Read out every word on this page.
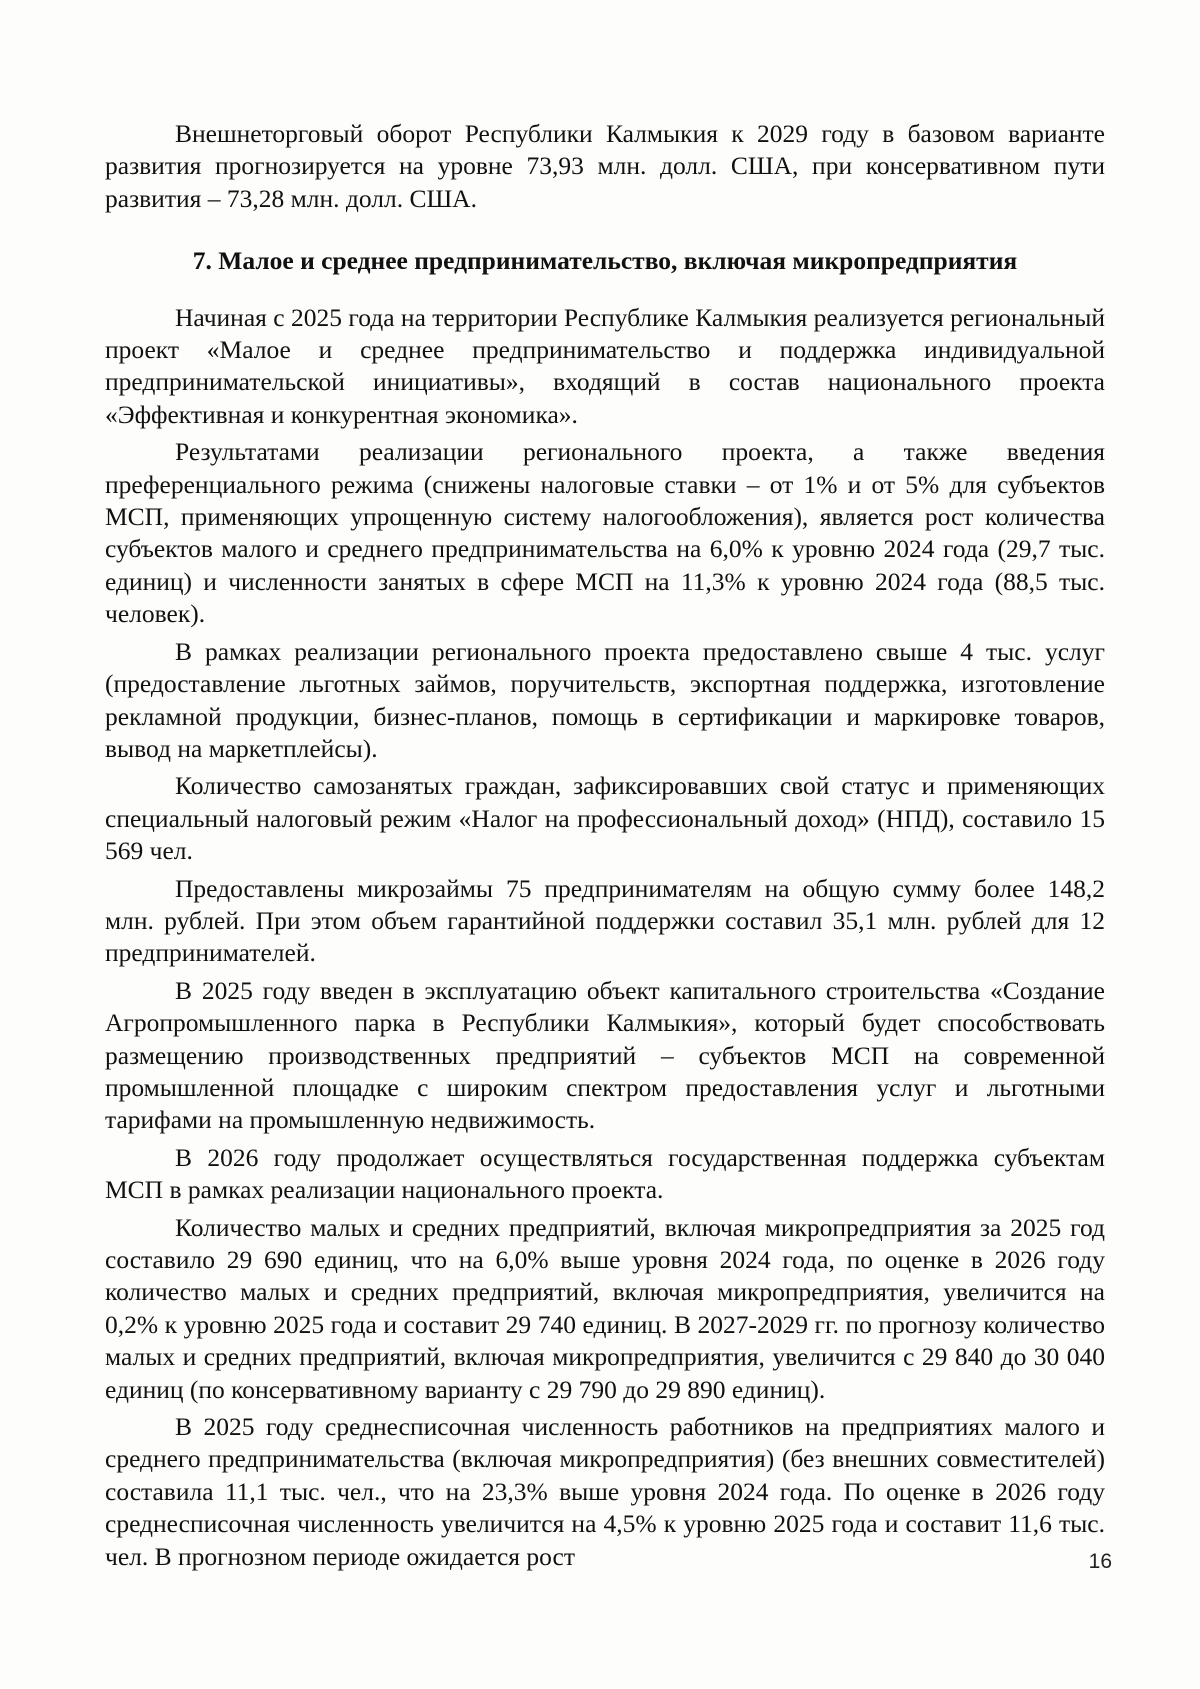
Внешнеторговый оборот Республики Калмыкия к 2029 году в базовом варианте развития прогнозируется на уровне 73,93 млн. долл. США, при консервативном пути развития – 73,28 млн. долл. США.

7. Малое и среднее предпринимательство, включая микропредприятия

Начиная с 2025 года на территории Республике Калмыкия реализуется региональный проект «Малое и среднее предпринимательство и поддержка индивидуальной предпринимательской инициативы», входящий в состав национального проекта «Эффективная и конкурентная экономика».

Результатами реализации регионального проекта, а также введения преференциального режима (снижены налоговые ставки – от 1% и от 5% для субъектов МСП, применяющих упрощенную систему налогообложения), является рост количества субъектов малого и среднего предпринимательства на 6,0% к уровню 2024 года (29,7 тыс. единиц) и численности занятых в сфере МСП на 11,3% к уровню 2024 года (88,5 тыс. человек).

В рамках реализации регионального проекта предоставлено свыше 4 тыс. услуг (предоставление льготных займов, поручительств, экспортная поддержка, изготовление рекламной продукции, бизнес-планов, помощь в сертификации и маркировке товаров, вывод на маркетплейсы).

Количество самозанятых граждан, зафиксировавших свой статус и применяющих специальный налоговый режим «Налог на профессиональный доход» (НПД), составило 15 569 чел.

Предоставлены микрозаймы 75 предпринимателям на общую сумму более 148,2 млн. рублей. При этом объем гарантийной поддержки составил 35,1 млн. рублей для 12 предпринимателей.

В 2025 году введен в эксплуатацию объект капитального строительства «Создание Агропромышленного парка в Республики Калмыкия», который будет способствовать размещению производственных предприятий – субъектов МСП на современной промышленной площадке с широким спектром предоставления услуг и льготными тарифами на промышленную недвижимость.

В 2026 году продолжает осуществляться государственная поддержка субъектам МСП в рамках реализации национального проекта.

Количество малых и средних предприятий, включая микропредприятия за 2025 год составило 29 690 единиц, что на 6,0% выше уровня 2024 года, по оценке в 2026 году количество малых и средних предприятий, включая микропредприятия, увеличится на 0,2% к уровню 2025 года и составит 29 740 единиц. В 2027-2029 гг. по прогнозу количество малых и средних предприятий, включая микропредприятия, увеличится с 29 840 до 30 040 единиц (по консервативному варианту с 29 790 до 29 890 единиц).

В 2025 году среднесписочная численность работников на предприятиях малого и среднего предпринимательства (включая микропредприятия) (без внешних совместителей) составила 11,1 тыс. чел., что на 23,3% выше уровня 2024 года. По оценке в 2026 году среднесписочная численность увеличится на 4,5% к уровню 2025 года и составит 11,6 тыс. чел. В прогнозном периоде ожидается рост	16
